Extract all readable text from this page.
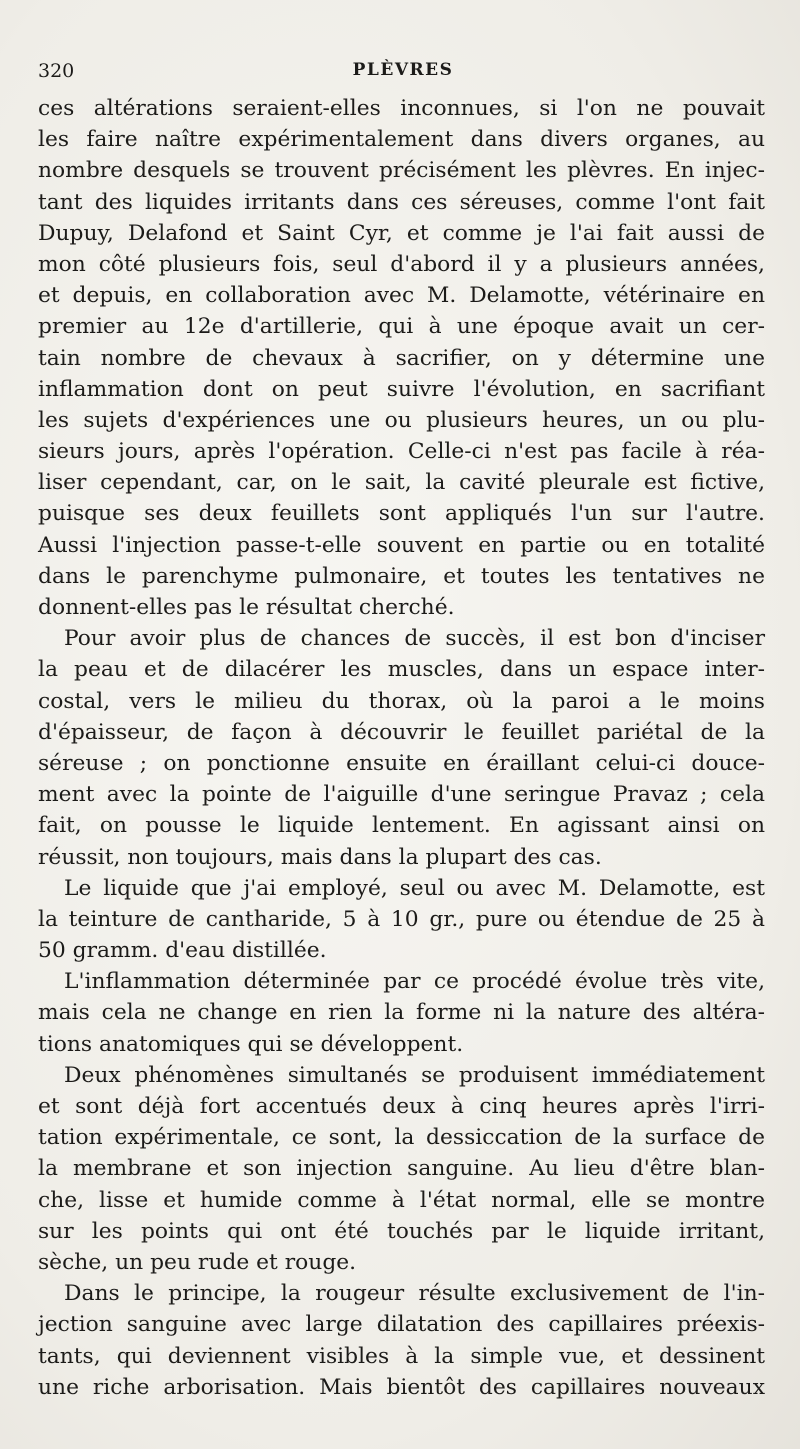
320	PLÈVRES
ces altérations seraient-elles inconnues, si l'on ne pouvait
les faire naître expérimentalement dans divers organes, au
nombre desquels se trouvent précisément les plèvres. En injec-
tant des liquides irritants dans ces séreuses, comme l'ont fait
Dupuy, Delafond et Saint Cyr, et comme je l'ai fait aussi de
mon côté plusieurs fois, seul d'abord il y a plusieurs années,
et depuis, en collaboration avec M. Delamotte, vétérinaire en
premier au 12e d'artillerie, qui à une époque avait un cer-
tain nombre de chevaux à sacrifier, on y détermine une
inflammation dont on peut suivre l'évolution, en sacrifiant
les sujets d'expériences une ou plusieurs heures, un ou plu-
sieurs jours, après l'opération. Celle-ci n'est pas facile à réa-
liser cependant, car, on le sait, la cavité pleurale est fictive,
puisque ses deux feuillets sont appliqués l'un sur l'autre.
Aussi l'injection passe-t-elle souvent en partie ou en totalité
dans le parenchyme pulmonaire, et toutes les tentatives ne
donnent-elles pas le résultat cherché.
Pour avoir plus de chances de succès, il est bon d'inciser
la peau et de dilacérer les muscles, dans un espace inter-
costal, vers le milieu du thorax, où la paroi a le moins
d'épaisseur, de façon à découvrir le feuillet pariétal de la
séreuse ; on ponctionne ensuite en éraillant celui-ci douce-
ment avec la pointe de l'aiguille d'une seringue Pravaz ; cela
fait, on pousse le liquide lentement. En agissant ainsi on
réussit, non toujours, mais dans la plupart des cas.
Le liquide que j'ai employé, seul ou avec M. Delamotte, est
la teinture de cantharide, 5 à 10 gr., pure ou étendue de 25 à
50 gramm. d'eau distillée.
L'inflammation déterminée par ce procédé évolue très vite,
mais cela ne change en rien la forme ni la nature des altéra-
tions anatomiques qui se développent.
Deux phénomènes simultanés se produisent immédiatement
et sont déjà fort accentués deux à cinq heures après l'irri-
tation expérimentale, ce sont, la dessiccation de la surface de
la membrane et son injection sanguine. Au lieu d'être blan-
che, lisse et humide comme à l'état normal, elle se montre
sur les points qui ont été touchés par le liquide irritant,
sèche, un peu rude et rouge.
Dans le principe, la rougeur résulte exclusivement de l'in-
jection sanguine avec large dilatation des capillaires préexis-
tants, qui deviennent visibles à la simple vue, et dessinent
une riche arborisation. Mais bientôt des capillaires nouveaux
